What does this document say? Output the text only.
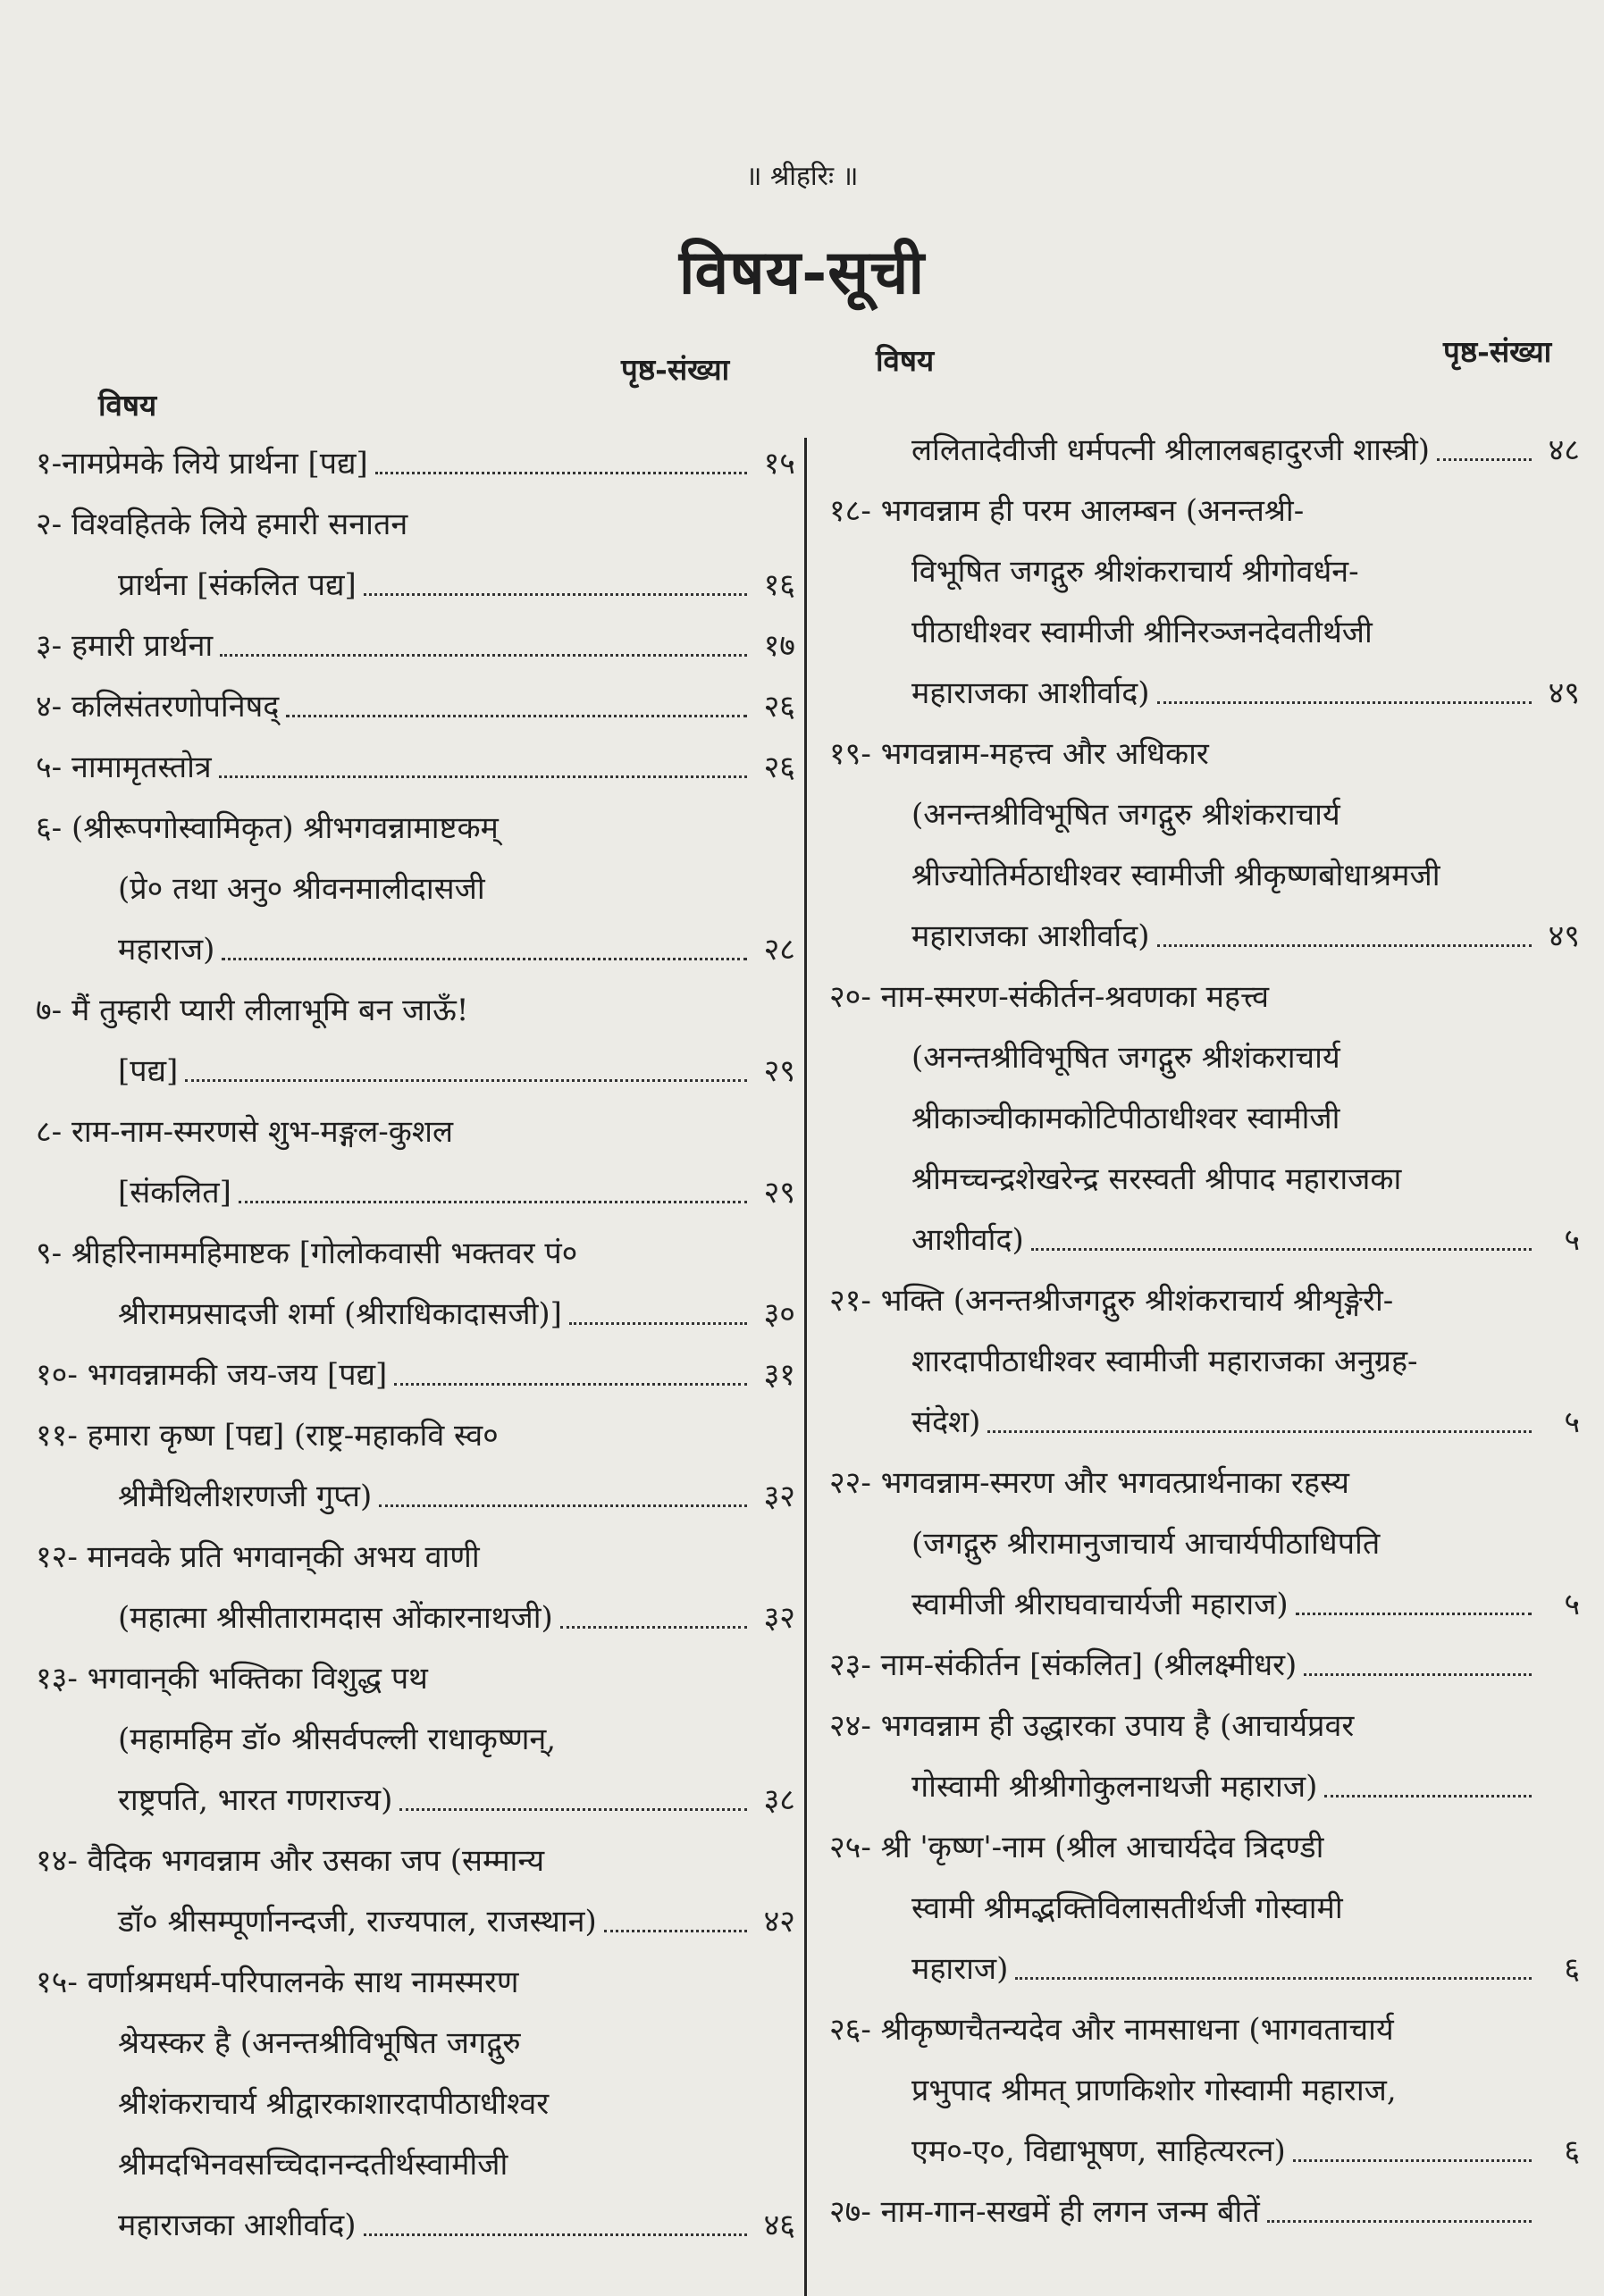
॥ श्रीहरिः ॥
विषय-सूची
विषय
पृष्ठ-संख्या	विषय	पृष्ठ-संख्या
१-नामप्रेमके लिये प्रार्थना [पद्य]	१५
२- विश्वहितके लिये हमारी सनातन
प्रार्थना [संकलित पद्य]	१६
३- हमारी प्रार्थना	१७
४- कलिसंतरणोपनिषद्	२६
५- नामामृतस्तोत्र	२६
६- (श्रीरूपगोस्वामिकृत) श्रीभगवन्नामाष्टकम्
(प्रे० तथा अनु० श्रीवनमालीदासजी
महाराज)	२८
७- मैं तुम्हारी प्यारी लीलाभूमि बन जाऊँ!
[पद्य]	२९
८- राम-नाम-स्मरणसे शुभ-मङ्गल-कुशल
[संकलित]	२९
९- श्रीहरिनाममहिमाष्टक [गोलोकवासी भक्तवर पं०
श्रीरामप्रसादजी शर्मा (श्रीराधिकादासजी)]	३०
१०- भगवन्नामकी जय-जय [पद्य]	३१
११- हमारा कृष्ण [पद्य] (राष्ट्र-महाकवि स्व०
श्रीमैथिलीशरणजी गुप्त)	३२
१२- मानवके प्रति भगवान्‌की अभय वाणी
(महात्मा श्रीसीतारामदास ओंकारनाथजी)	३२
१३- भगवान्‌की भक्तिका विशुद्ध पथ
(महामहिम डॉ० श्रीसर्वपल्ली राधाकृष्णन्,
राष्ट्रपति, भारत गणराज्य)	३८
१४- वैदिक भगवन्नाम और उसका जप (सम्मान्य
डॉ० श्रीसम्पूर्णानन्दजी, राज्यपाल, राजस्थान)	४२
१५- वर्णाश्रमधर्म-परिपालनके साथ नामस्मरण
श्रेयस्कर है (अनन्तश्रीविभूषित जगद्गुरु
श्रीशंकराचार्य श्रीद्वारकाशारदापीठाधीश्वर
श्रीमदभिनवसच्चिदानन्दतीर्थस्वामीजी
महाराजका आशीर्वाद)	४६
ललितादेवीजी धर्मपत्नी श्रीलालबहादुरजी शास्त्री)	४८
१८- भगवन्नाम ही परम आलम्बन (अनन्तश्री-
विभूषित जगद्गुरु श्रीशंकराचार्य श्रीगोवर्धन-
पीठाधीश्वर स्वामीजी श्रीनिरञ्जनदेवतीर्थजी
महाराजका आशीर्वाद)	४९
१९- भगवन्नाम-महत्त्व और अधिकार
(अनन्तश्रीविभूषित जगद्गुरु श्रीशंकराचार्य
श्रीज्योतिर्मठाधीश्वर स्वामीजी श्रीकृष्णबोधाश्रमजी
महाराजका आशीर्वाद)	४९
२०- नाम-स्मरण-संकीर्तन-श्रवणका महत्त्व
(अनन्तश्रीविभूषित जगद्गुरु श्रीशंकराचार्य
श्रीकाञ्चीकामकोटिपीठाधीश्वर स्वामीजी
श्रीमच्चन्द्रशेखरेन्द्र सरस्वती श्रीपाद महाराजका
आशीर्वाद)	५
२१- भक्ति (अनन्तश्रीजगद्गुरु श्रीशंकराचार्य श्रीशृङ्गेरी-
शारदापीठाधीश्वर स्वामीजी महाराजका अनुग्रह-
संदेश)	५
२२- भगवन्नाम-स्मरण और भगवत्प्रार्थनाका रहस्य
(जगद्गुरु श्रीरामानुजाचार्य आचार्यपीठाधिपति
स्वामीजी श्रीराघवाचार्यजी महाराज)	५
२३- नाम-संकीर्तन [संकलित] (श्रीलक्ष्मीधर)
२४- भगवन्नाम ही उद्धारका उपाय है (आचार्यप्रवर
गोस्वामी श्रीश्रीगोकुलनाथजी महाराज)
२५- श्री 'कृष्ण'-नाम (श्रील आचार्यदेव त्रिदण्डी
स्वामी श्रीमद्भक्तिविलासतीर्थजी गोस्वामी
महाराज)	६
२६- श्रीकृष्णचैतन्यदेव और नामसाधना (भागवताचार्य
प्रभुपाद श्रीमत् प्राणकिशोर गोस्वामी महाराज,
एम०-ए०, विद्याभूषण, साहित्यरत्न)	६
२७- नाम-गान-सखमें ही लगन जन्म बीतें
